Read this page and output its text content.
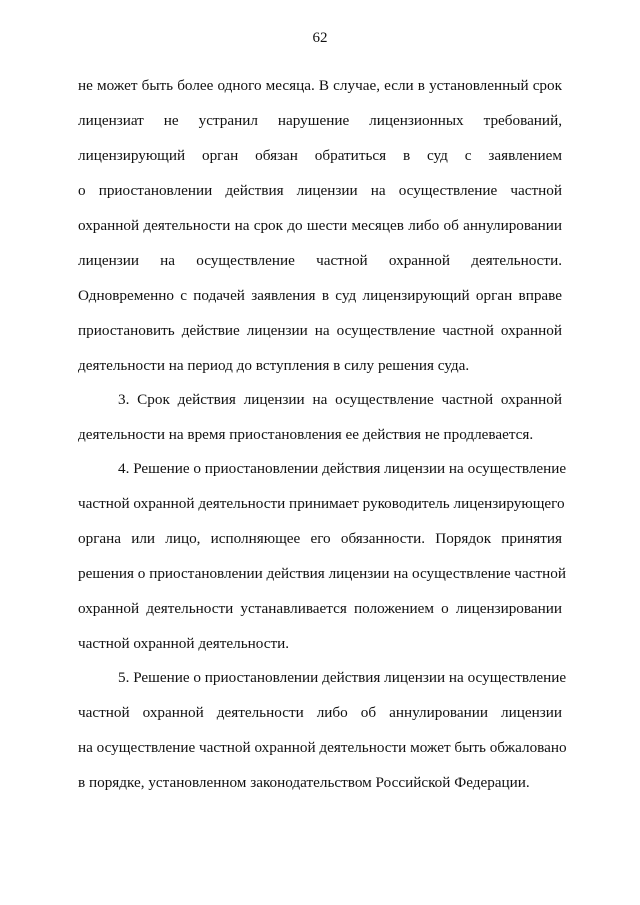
62
не может быть более одного месяца. В случае, если в установленный срок
лицензиат не устранил нарушение лицензионных требований,
лицензирующий орган обязан обратиться в суд с заявлением
о приостановлении действия лицензии на осуществление частной
охранной деятельности на срок до шести месяцев либо об аннулировании
лицензии на осуществление частной охранной деятельности.
Одновременно с подачей заявления в суд лицензирующий орган вправе
приостановить действие лицензии на осуществление частной охранной
деятельности на период до вступления в силу решения суда.
3. Срок действия лицензии на осуществление частной охранной
деятельности на время приостановления ее действия не продлевается.
4. Решение о приостановлении действия лицензии на осуществление
частной охранной деятельности принимает руководитель лицензирующего
органа или лицо, исполняющее его обязанности. Порядок принятия
решения о приостановлении действия лицензии на осуществление частной
охранной деятельности устанавливается положением о лицензировании
частной охранной деятельности.
5. Решение о приостановлении действия лицензии на осуществление
частной охранной деятельности либо об аннулировании лицензии
на осуществление частной охранной деятельности может быть обжаловано
в порядке, установленном законодательством Российской Федерации.
